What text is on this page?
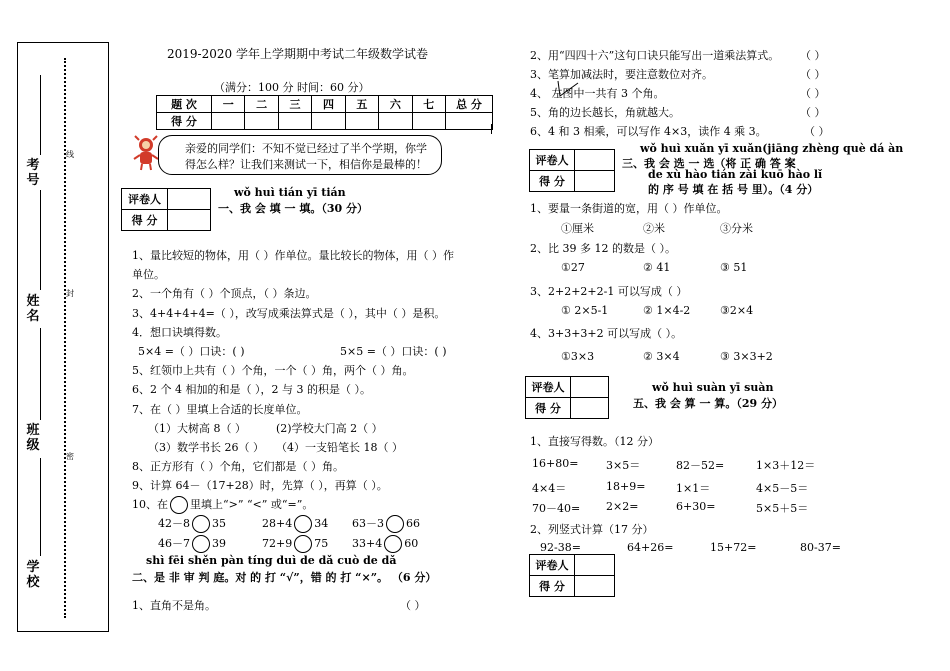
考号
姓名
班级
学校
线
封
密
2019-2020 学年上学期期中考试二年级数学试卷
（满分：100 分 时间：60 分）
题 次	一	二	三	四	五	六	七	总 分
得 分								
亲爱的同学们：不知不觉已经过了半个学期，你学
得怎么样？让我们来测试一下，相信你是最棒的！
评卷人	
得 分	
wǒ huì tián yī tián
一、我 会 填 一 填。（30 分）
1、量比较短的物体，用（ ）作单位。量比较长的物体，用（ ）作
单位。
2、一个角有（ ）个顶点，（ ）条边。
3、4+4+4+4=（ ），改写成乘法算式是（ ），其中（ ）是积。
4．想口诀填得数。
5×4 =（ ）口诀：( )	5×5 =（ ）口诀：( )
5、红领巾上共有（ ）个角，一个（ ）角，两个（ ）角。
6、2 个 4 相加的和是（ ），2 与 3 的积是（ ）。
7、在（ ）里填上合适的长度单位。
（1）大树高 8（ ）	(2)学校大门高 2（ ）
（3）数学书长 26（ ） （4）一支铅笔长 18（ ）
8、正方形有（ ）个角，它们都是（ ）角。
9、计算 64－（17+28）时，先算（ ），再算（ ）。
10、在 里填上“>” “<” 或“=”。
42－8 35	28+4 34 63－3 66
46－7 39	72+9 75 33+4 60
shì fēi shěn pàn tíng duì de dǎ cuò de dǎ
二、是 非 审 判 庭。对 的 打 “√”，错 的 打 “×”。 （6 分）
1、直角不是角。	（ ）
2、用“四四十六”这句口诀只能写出一道乘法算式。 （ ）
3、笔算加减法时，要注意数位对齐。	（ ）
4、 左图中一共有 3 个角。	（ ）
5、角的边长越长，角就越大。	（ ）
6、4 和 3 相乘，可以写作 4×3，读作 4 乘 3。	（ ）
评卷人	
得 分	
wǒ huì xuǎn yī xuǎn(jiāng zhèng què dá àn
三、我 会 选 一 选（将 正 确 答 案
de xù hào tián zài kuō hào lǐ
的 序 号 填 在 括 号 里）。（4 分）
1、要量一条街道的宽，用（ ）作单位。
①厘米	②米	③分米
2、比 39 多 12 的数是（ ）。
①27	② 41	③ 51
3、2+2+2+2-1 可以写成（ ）
① 2×5-1	② 1×4-2	③2×4
4、3+3+3+2 可以写成（ ）。
①3×3	② 3×4	③ 3×3+2
评卷人	
得 分	
wǒ huì suàn yī suàn
五、我 会 算 一 算。（29 分）
1、直接写得数。（12 分）
16+80=	3×5＝	82－52=	1×3＋12＝
4×4＝	18+9=	1×1＝	4×5－5＝
70－40= 2×2=	6+30=	5×5＋5＝
2、列竖式计算（17 分）
92-38=	64+26=	15+72=	80-37=
评卷人	
得 分	
